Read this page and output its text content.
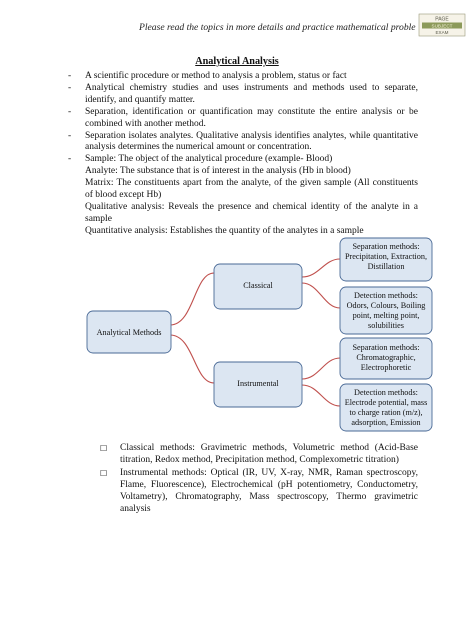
Please read the topics in more details and practice mathematical proble
PAGE
SUBJECT
EXAM
Analytical Analysis
- A scientific procedure or method to analysis a problem, status or fact
- Analytical chemistry studies and uses instruments and methods used to separate, identify, and quantify matter.
- Separation, identification or quantification may constitute the entire analysis or be combined with another method.
- Separation isolates analytes. Qualitative analysis identifies analytes, while quantitative analysis determines the numerical amount or concentration.
- Sample: The object of the analytical procedure (example- Blood)
Analyte: The substance that is of interest in the analysis (Hb in blood)
Matrix: The constituents apart from the analyte, of the given sample (All constituents of blood except Hb)
Qualitative analysis: Reveals the presence and chemical identity of the analyte in a sample
Quantitative analysis: Establishes the quantity of the analytes in a sample
Analytical Methods
Classical
Instrumental
Separation methods:
Precipitation, Extraction,
Distillation
Detection methods:
Odors, Colours, Boiling
point, melting point,
solubilities
Separation methods:
Chromatographic,
Electrophoretic
Detection methods:
Electrode potential, mass
to charge ration (m/z),
adsorption, Emission
☐ Classical methods: Gravimetric methods, Volumetric method (Acid-Base titration, Redox method, Precipitation method, Complexometric titration)
☐ Instrumental methods: Optical (IR, UV, X-ray, NMR, Raman spectroscopy, Flame, Fluorescence), Electrochemical (pH potentiometry, Conductometry, Voltametry), Chromatography, Mass spectroscopy, Thermo gravimetric analysis
